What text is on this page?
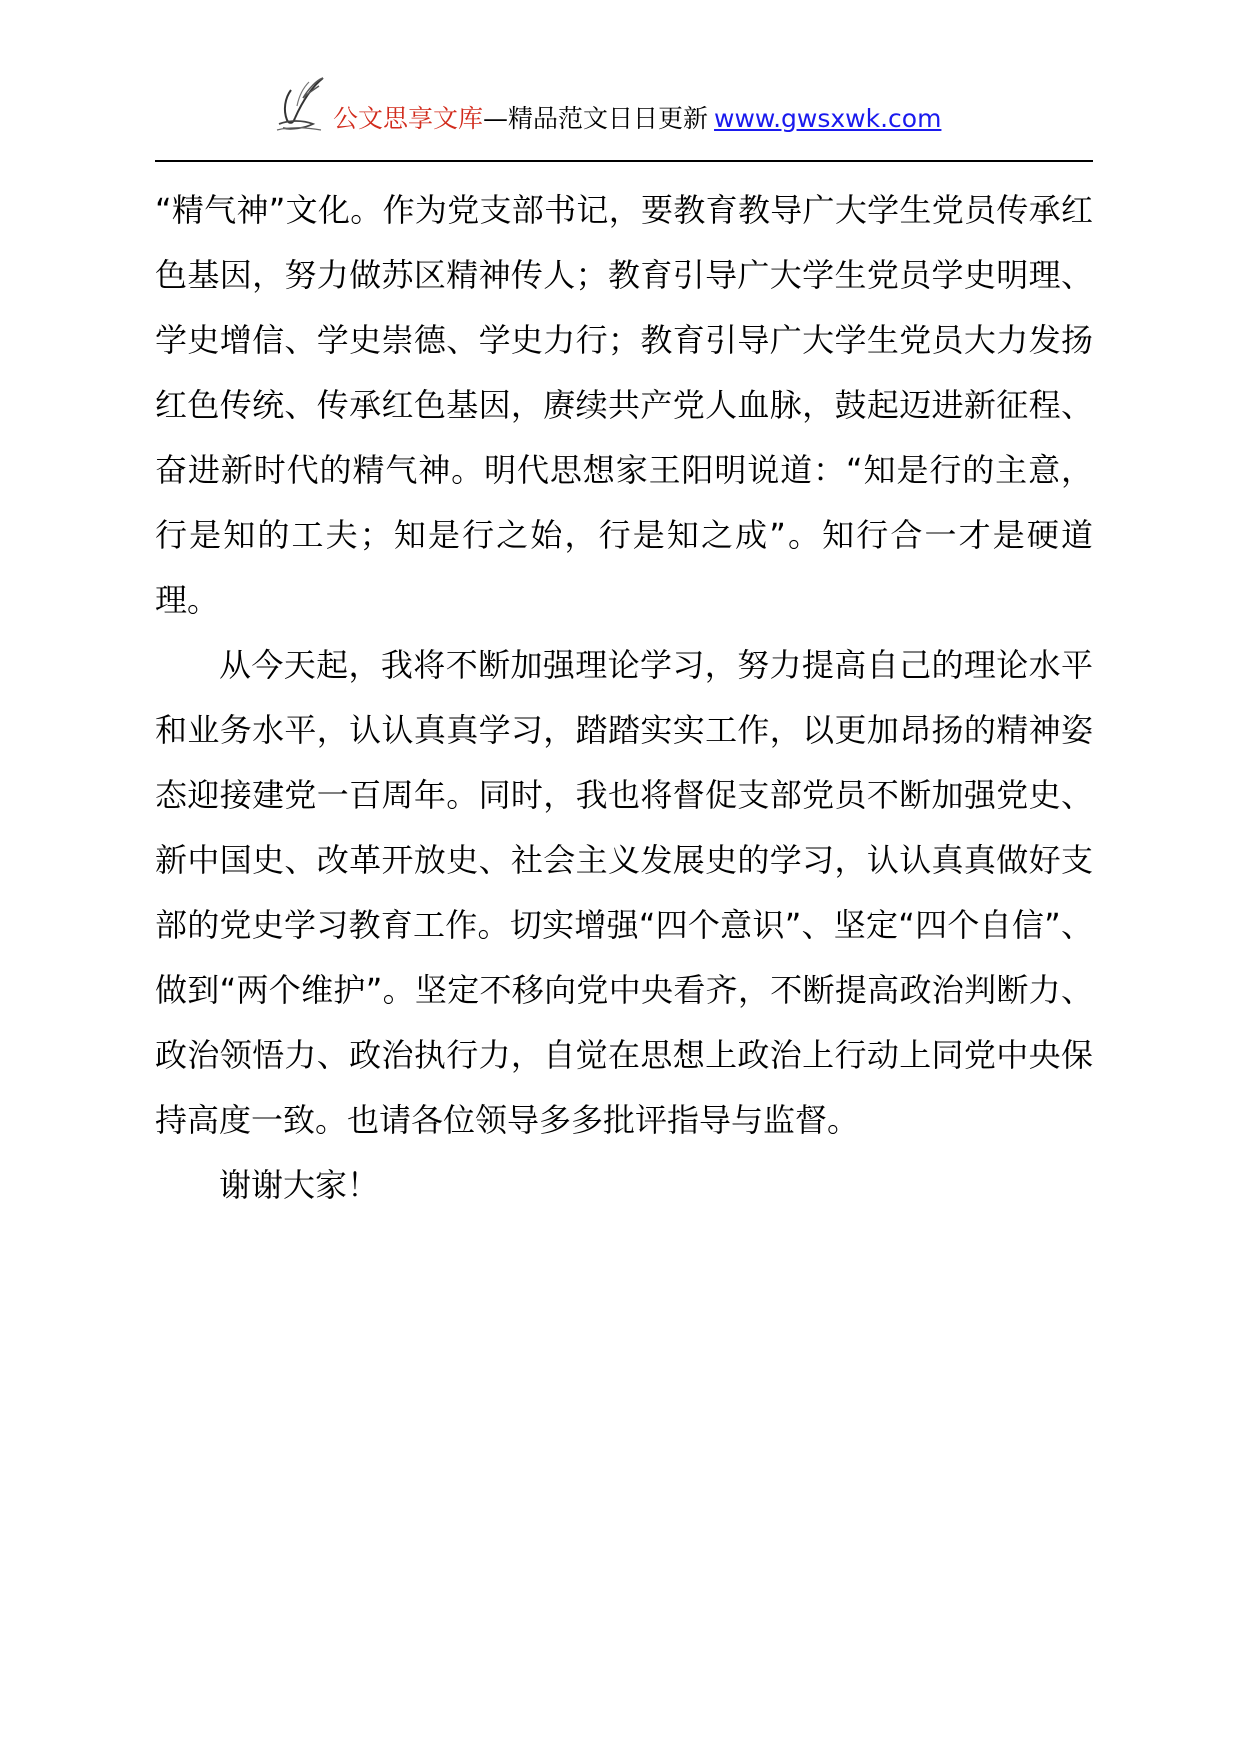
公文思享文库—精品范文日日更新 www.gwsxwk.com

“精气神”文化。作为党支部书记，要教育教导广大学生党员传承红色基因，努力做苏区精神传人；教育引导广大学生党员学史明理、学史增信、学史崇德、学史力行；教育引导广大学生党员大力发扬红色传统、传承红色基因，赓续共产党人血脉，鼓起迈进新征程、奋进新时代的精气神。明代思想家王阳明说道：“知是行的主意，行是知的工夫；知是行之始，行是知之成”。知行合一才是硬道理。

从今天起，我将不断加强理论学习，努力提高自己的理论水平和业务水平，认认真真学习，踏踏实实工作，以更加昂扬的精神姿态迎接建党一百周年。同时，我也将督促支部党员不断加强党史、新中国史、改革开放史、社会主义发展史的学习，认认真真做好支部的党史学习教育工作。切实增强“四个意识”、坚定“四个自信”、做到“两个维护”。坚定不移向党中央看齐，不断提高政治判断力、政治领悟力、政治执行力，自觉在思想上政治上行动上同党中央保持高度一致。也请各位领导多多批评指导与监督。

谢谢大家！
